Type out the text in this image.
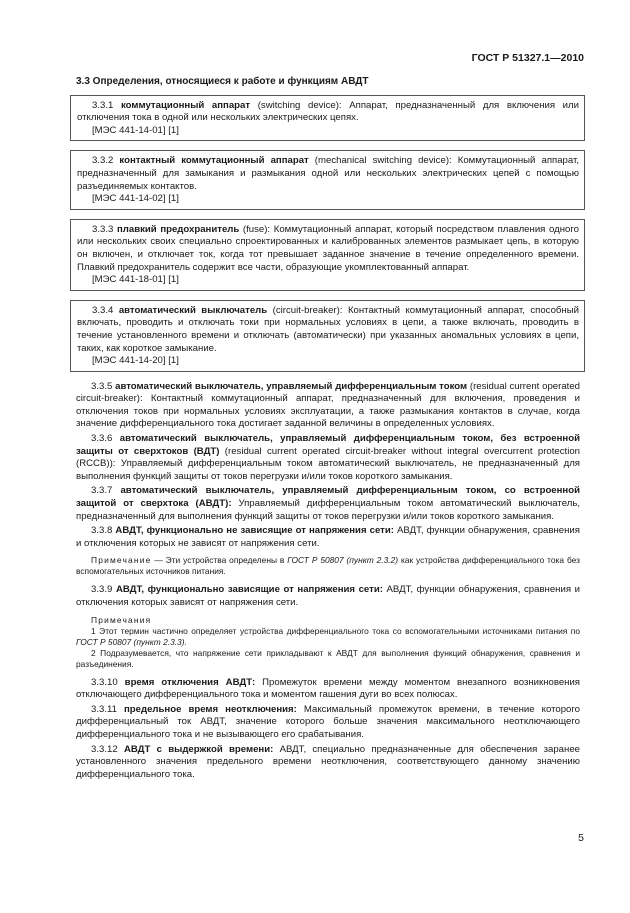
ГОСТ Р 51327.1—2010
3.3 Определения, относящиеся к работе и функциям АВДТ

3.3.1 коммутационный аппарат (switching device): Аппарат, предназначенный для включения или отключения тока в одной или нескольких электрических цепях.

[МЭС 441-14-01] [1]

3.3.2 контактный коммутационный аппарат (mechanical switching device): Коммутационный аппарат, предназначенный для замыкания и размыкания одной или нескольких электрических цепей с помощью разъединяемых контактов.

[МЭС 441-14-02] [1]

3.3.3 плавкий предохранитель (fuse): Коммутационный аппарат, который посредством плавления одного или нескольких своих специально спроектированных и калиброванных элементов размыкает цепь, в которую он включен, и отключает ток, когда тот превышает заданное значение в течение определенного времени. Плавкий предохранитель содержит все части, образующие укомплектованный аппарат.

[МЭС 441-18-01] [1]

3.3.4 автоматический выключатель (circuit-breaker): Контактный коммутационный аппарат, способный включать, проводить и отключать токи при нормальных условиях в цепи, а также включать, проводить в течение установленного времени и отключать (автоматически) при указанных аномальных условиях в цепи, таких, как короткое замыкание.

[МЭС 441-14-20] [1]

3.3.5 автоматический выключатель, управляемый дифференциальным током (residual current operated circuit-breaker): Контактный коммутационный аппарат, предназначенный для включения, проведения и отключения токов при нормальных условиях эксплуатации, а также размыкания контактов в случае, когда значение дифференциального тока достигает заданной величины в определенных условиях.

3.3.6 автоматический выключатель, управляемый дифференциальным током, без встроенной защиты от сверхтоков (ВДТ) (residual current operated circuit-breaker without integral overcurrent protection (RCCB)): Управляемый дифференциальным током автоматический выключатель, не предназначенный для выполнения функций защиты от токов перегрузки и/или токов короткого замыкания.

3.3.7 автоматический выключатель, управляемый дифференциальным током, со встроенной защитой от сверхтока (АВДТ): Управляемый дифференциальным током автоматический выключатель, предназначенный для выполнения функций защиты от токов перегрузки и/или токов короткого замыкания.

3.3.8 АВДТ, функционально не зависящие от напряжения сети: АВДТ, функции обнаружения, сравнения и отключения которых не зависят от напряжения сети.

Примечание — Эти устройства определены в ГОСТ Р 50807 (пункт 2.3.2) как устройства дифференциального тока без вспомогательных источников питания.

3.3.9 АВДТ, функционально зависящие от напряжения сети: АВДТ, функции обнаружения, сравнения и отключения которых зависят от напряжения сети.

Примечания

1 Этот термин частично определяет устройства дифференциального тока со вспомогательными источниками питания по ГОСТ Р 50807 (пункт 2.3.3).

2 Подразумевается, что напряжение сети прикладывают к АВДТ для выполнения функций обнаружения, сравнения и разъединения.

3.3.10 время отключения АВДТ: Промежуток времени между моментом внезапного возникновения отключающего дифференциального тока и моментом гашения дуги во всех полюсах.

3.3.11 предельное время неотключения: Максимальный промежуток времени, в течение которого дифференциальный ток АВДТ, значение которого больше значения максимального неотключающего дифференциального тока и не вызывающего его срабатывания.

3.3.12 АВДТ с выдержкой времени: АВДТ, специально предназначенные для обеспечения заранее установленного значения предельного времени неотключения, соответствующего данному значению дифференциального тока.

5
